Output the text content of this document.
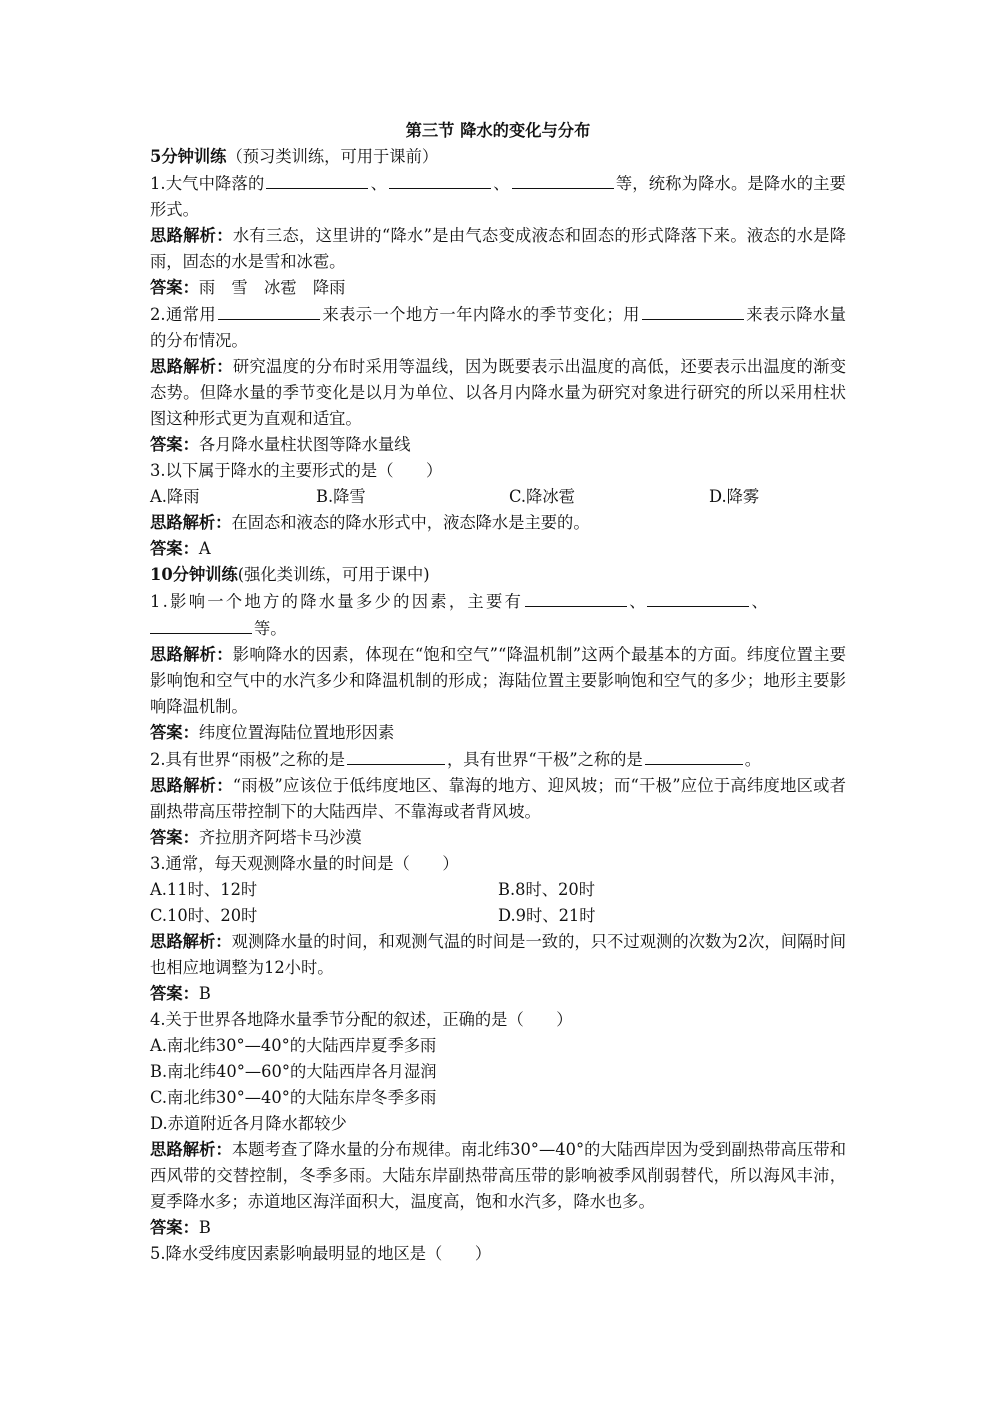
第三节 降水的变化与分布
5分钟训练（预习类训练，可用于课前）
1.大气中降落的	、	、	等，统称为降水。是降水的主要形式。
思路解析：水有三态，这里讲的“降水”是由气态变成液态和固态的形式降落下来。液态的水是降雨，固态的水是雪和冰雹。
答案：雨　雪　冰雹　降雨
2.通常用	来表示一个地方一年内降水的季节变化；用	来表示降水量的分布情况。
思路解析：研究温度的分布时采用等温线，因为既要表示出温度的高低，还要表示出温度的渐变态势。但降水量的季节变化是以月为单位、以各月内降水量为研究对象进行研究的所以采用柱状图这种形式更为直观和适宜。
答案：各月降水量柱状图等降水量线
3.以下属于降水的主要形式的是（　　）
A.降雨	B.降雪	C.降冰雹	D.降雾
思路解析：在固态和液态的降水形式中，液态降水是主要的。
答案：A
10分钟训练(强化类训练，可用于课中)
1.影响一个地方的降水量多少的因素，主要有	、	、
等。
思路解析：影响降水的因素，体现在“饱和空气”“降温机制”这两个最基本的方面。纬度位置主要影响饱和空气中的水汽多少和降温机制的形成；海陆位置主要影响饱和空气的多少；地形主要影响降温机制。
答案：纬度位置海陆位置地形因素
2.具有世界“雨极”之称的是	，具有世界“干极”之称的是	。
思路解析：“雨极”应该位于低纬度地区、靠海的地方、迎风坡；而“干极”应位于高纬度地区或者副热带高压带控制下的大陆西岸、不靠海或者背风坡。
答案：齐拉朋齐阿塔卡马沙漠
3.通常，每天观测降水量的时间是（　　）
A.11时、12时	B.8时、20时
C.10时、20时	D.9时、21时
思路解析：观测降水量的时间，和观测气温的时间是一致的，只不过观测的次数为2次，间隔时间也相应地调整为12小时。
答案：B
4.关于世界各地降水量季节分配的叙述，正确的是（　　）
A.南北纬30°—40°的大陆西岸夏季多雨
B.南北纬40°—60°的大陆西岸各月湿润
C.南北纬30°—40°的大陆东岸冬季多雨
D.赤道附近各月降水都较少
思路解析：本题考查了降水量的分布规律。南北纬30°—40°的大陆西岸因为受到副热带高压带和西风带的交替控制，冬季多雨。大陆东岸副热带高压带的影响被季风削弱替代，所以海风丰沛，夏季降水多；赤道地区海洋面积大，温度高，饱和水汽多，降水也多。
答案：B
5.降水受纬度因素影响最明显的地区是（　　）
